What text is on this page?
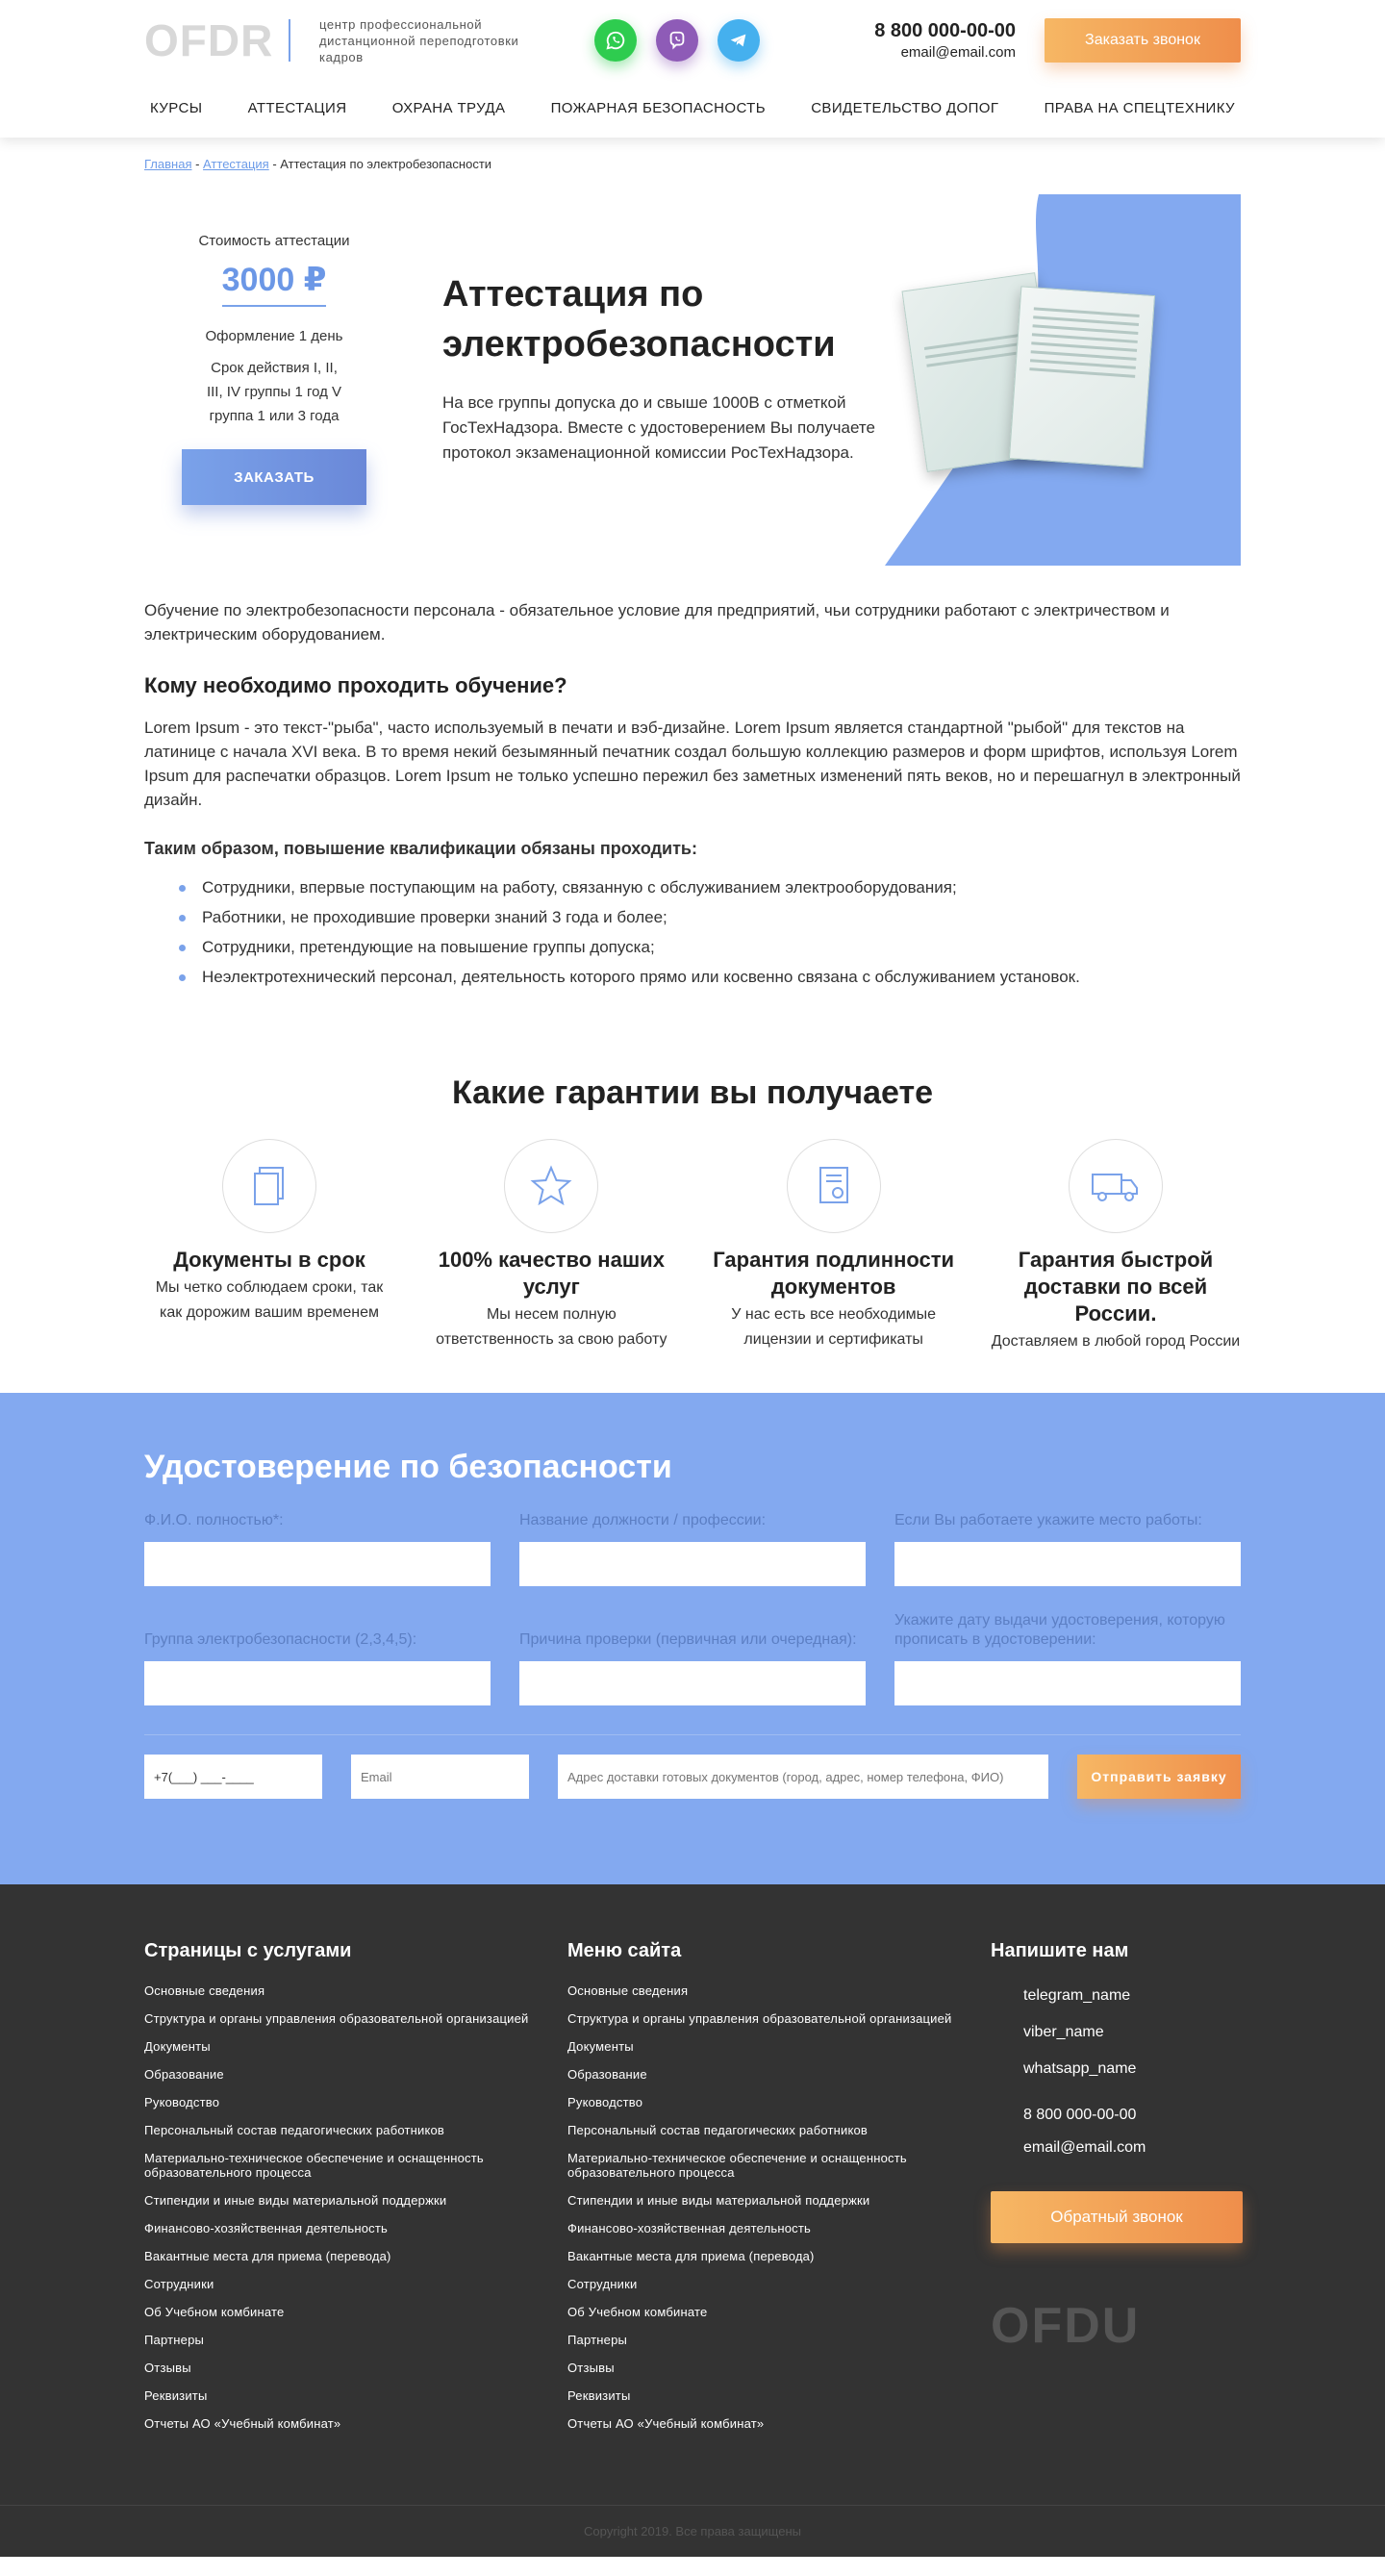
OFDR	центр профессиональной дистанционной переподготовки кадров
8 800 000-00-00
email@email.com
Заказать звонок
КУРСЫ	АТТЕСТАЦИЯ	ОХРАНА ТРУДА	ПОЖАРНАЯ БЕЗОПАСНОСТЬ	СВИДЕТЕЛЬСТВО ДОПОГ	ПРАВА НА СПЕЦТЕХНИКУ
Главная - Аттестация - Аттестация по электробезопасности
Стоимость аттестации
3000 ₽
Оформление 1 день
Срок действия I, II, III, IV группы 1 год V группа 1 или 3 года
ЗАКАЗАТЬ
Аттестация по электробезопасности

На все группы допуска до и свыше 1000В с отметкой ГосТехНадзора. Вместе с удостоверением Вы получаете протокол экзаменационной комиссии РосТехНадзора.

Обучение по электробезопасности персонала - обязательное условие для предприятий, чьи сотрудники работают с электричеством и электрическим оборудованием.

Кому необходимо проходить обучение?

Lorem Ipsum - это текст-"рыба", часто используемый в печати и вэб-дизайне. Lorem Ipsum является стандартной "рыбой" для текстов на латинице с начала XVI века. В то время некий безымянный печатник создал большую коллекцию размеров и форм шрифтов, используя Lorem Ipsum для распечатки образцов. Lorem Ipsum не только успешно пережил без заметных изменений пять веков, но и перешагнул в электронный дизайн.

Таким образом, повышение квалификации обязаны проходить:
Сотрудники, впервые поступающим на работу, связанную с обслуживанием электрооборудования;
Работники, не проходившие проверки знаний 3 года и более;
Сотрудники, претендующие на повышение группы допуска;
Неэлектротехнический персонал, деятельность которого прямо или косвенно связана с обслуживанием установок.
Какие гарантии вы получаете
Документы в срок
Мы четко соблюдаем сроки, так как дорожим вашим временем
100% качество наших услуг
Мы несем полную ответственность за свою работу
Гарантия подлинности документов
У нас есть все необходимые лицензии и сертификаты
Гарантия быстрой доставки по всей России.
Доставляем в любой город России
Удостоверение по безопасности
Ф.И.О. полностью*:	Название должности / профессии:	Если Вы работаете укажите место работы:
Группа электробезопасности (2,3,4,5):	Причина проверки (первичная или очередная):
Укажите дату выдачи удостоверения, которую прописать в удостоверении:
+7(___) ___-____
Email
Адрес доставки готовых документов (город, адрес, номер телефона, ФИО)
Отправить заявку
Страницы с услугами
Основные сведения
Структура и органы управления образовательной организацией
Документы
Образование
Руководство
Персональный состав педагогических работников
Материально-техническое обеспечение и оснащенность образовательного процесса
Стипендии и иные виды материальной поддержки
Финансово-хозяйственная деятельность
Вакантные места для приема (перевода)
Сотрудники
Об Учебном комбинате
Партнеры
Отзывы
Реквизиты
Отчеты АО «Учебный комбинат»
Меню сайта
Основные сведения
Структура и органы управления образовательной организацией
Документы
Образование
Руководство
Персональный состав педагогических работников
Материально-техническое обеспечение и оснащенность образовательного процесса
Стипендии и иные виды материальной поддержки
Финансово-хозяйственная деятельность
Вакантные места для приема (перевода)
Сотрудники
Об Учебном комбинате
Партнеры
Отзывы
Реквизиты
Отчеты АО «Учебный комбинат»
Напишите нам
telegram_name
viber_name
whatsapp_name
8 800 000-00-00
email@email.com
Обратный звонок
OFDU
Copyright 2019. Все права защищены
